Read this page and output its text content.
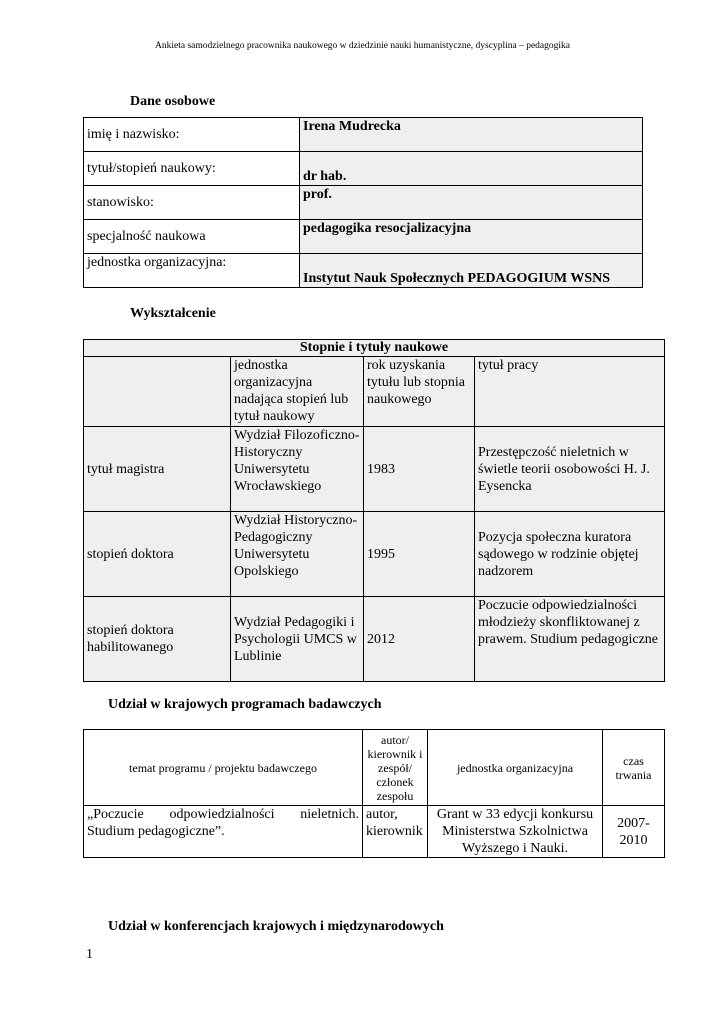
Ankieta samodzielnego pracownika naukowego w dziedzinie nauki humanistyczne, dyscyplina – pedagogika
Dane osobowe
imię i nazwisko:	Irena Mudrecka
tytuł/stopień naukowy:	dr hab.
stanowisko:	prof.
specjalność naukowa	pedagogika resocjalizacyjna
jednostka organizacyjna:	Instytut Nauk Społecznych PEDAGOGIUM WSNS
Wykształcenie
Stopnie i tytuły naukowe			
	jednostka organizacyjna nadająca stopień lub tytuł naukowy	rok uzyskania tytułu lub stopnia naukowego	tytuł pracy
tytuł magistra	Wydział Filozoficzno-Historyczny Uniwersytetu Wrocławskiego	1983	Przestępczość nieletnich w świetle teorii osobowości H. J. Eysencka
stopień doktora	Wydział Historyczno-Pedagogiczny Uniwersytetu Opolskiego	1995	Pozycja społeczna kuratora sądowego w rodzinie objętej nadzorem
stopień doktora habilitowanego	Wydział Pedagogiki i Psychologii UMCS w Lublinie	2012	Poczucie odpowiedzialności młodzieży skonfliktowanej z prawem. Studium pedagogiczne
Udział w krajowych programach badawczych
temat programu / projektu badawczego	autor/ kierownik i zespół/ członek zespołu	jednostka organizacyjna	czas trwania
„Poczucie odpowiedzialności nieletnich. Studium pedagogiczne”.	autor, kierownik	Grant w 33 edycji konkursu Ministerstwa Szkolnictwa Wyższego i Nauki.	2007-2010
Udział w konferencjach krajowych i międzynarodowych
1
